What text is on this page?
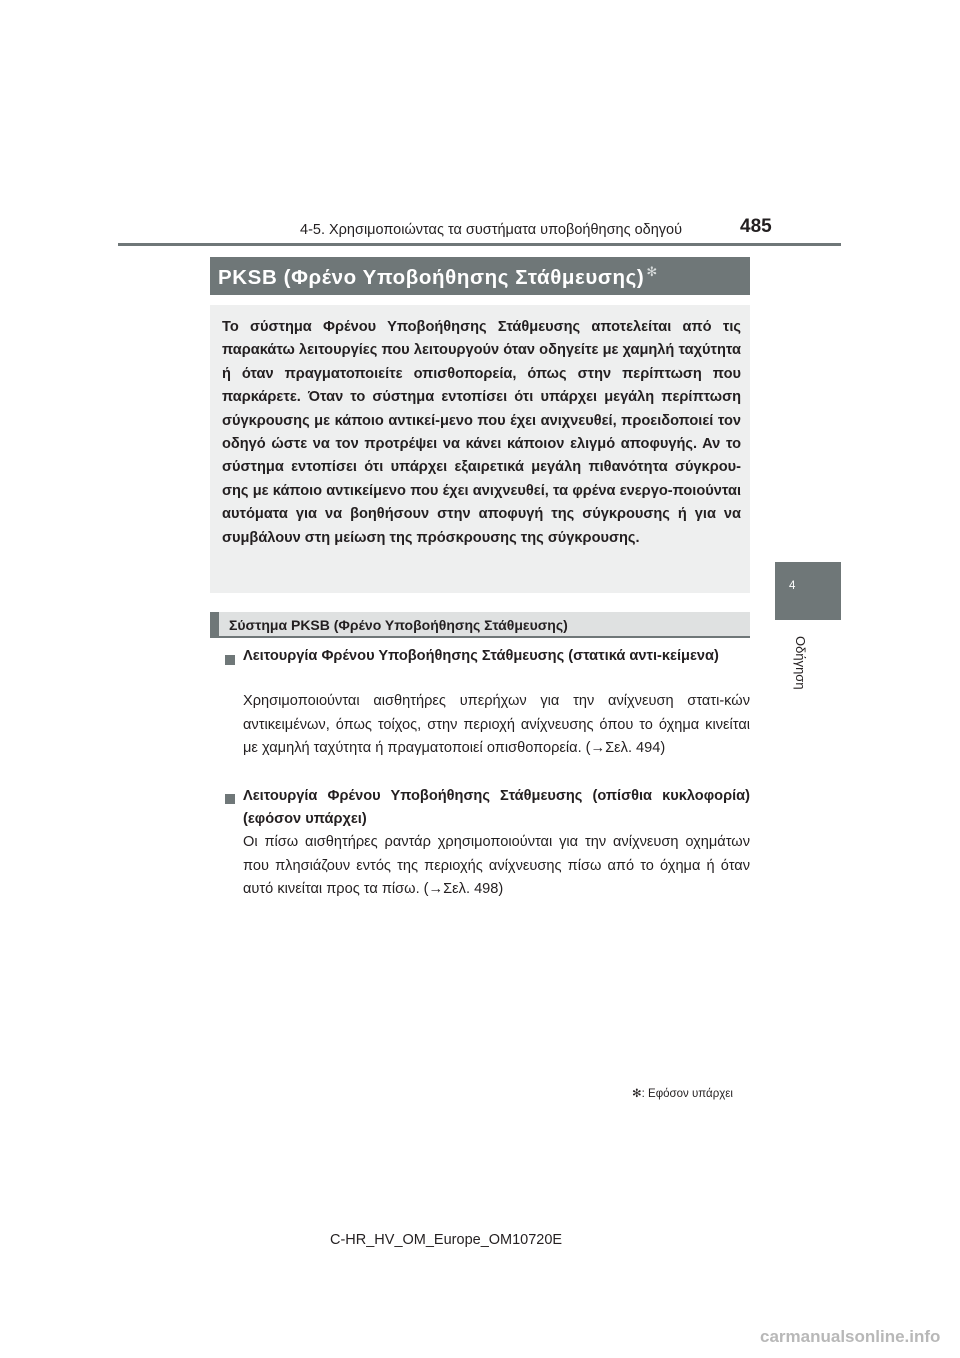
4-5. Χρησιμοποιώντας τα συστήματα υποβοήθησης οδηγού	485
4
Οδήγηση
PKSB (Φρένο Υποβοήθησης Στάθμευσης) ✻
Το σύστημα Φρένου Υποβοήθησης Στάθμευσης αποτελείται από τις παρακάτω λειτουργίες που λειτουργούν όταν οδηγείτε με χαμηλή ταχύτητα ή όταν πραγματοποιείτε οπισθοπορεία, όπως στην περίπτωση που παρκάρετε. Όταν το σύστημα εντοπίσει ότι υπάρχει μεγάλη περίπτωση σύγκρουσης με κάποιο αντικεί-μενο που έχει ανιχνευθεί, προειδοποιεί τον οδηγό ώστε να τον προτρέψει να κάνει κάποιον ελιγμό αποφυγής. Αν το σύστημα εντοπίσει ότι υπάρχει εξαιρετικά μεγάλη πιθανότητα σύγκρου-σης με κάποιο αντικείμενο που έχει ανιχνευθεί, τα φρένα ενεργο-ποιούνται αυτόματα για να βοηθήσουν στην αποφυγή της σύγκρουσης ή για να συμβάλουν στη μείωση της πρόσκρουσης της σύγκρουσης.
Σύστημα PKSB (Φρένο Υποβοήθησης Στάθμευσης)
Λειτουργία Φρένου Υποβοήθησης Στάθμευσης (στατικά αντι-κείμενα)
Χρησιμοποιούνται αισθητήρες υπερήχων για την ανίχνευση στατι-κών αντικειμένων, όπως τοίχος, στην περιοχή ανίχνευσης όπου το όχημα κινείται με χαμηλή ταχύτητα ή πραγματοποιεί οπισθοπορεία. (→Σελ. 494)
Λειτουργία Φρένου Υποβοήθησης Στάθμευσης (οπίσθια κυκλοφορία) (εφόσον υπάρχει)
Οι πίσω αισθητήρες ραντάρ χρησιμοποιούνται για την ανίχνευση οχημάτων που πλησιάζουν εντός της περιοχής ανίχνευσης πίσω από το όχημα ή όταν αυτό κινείται προς τα πίσω. (→Σελ. 498)
✻: Εφόσον υπάρχει
C-HR_HV_OM_Europe_OM10720E
carmanualsonline.info
